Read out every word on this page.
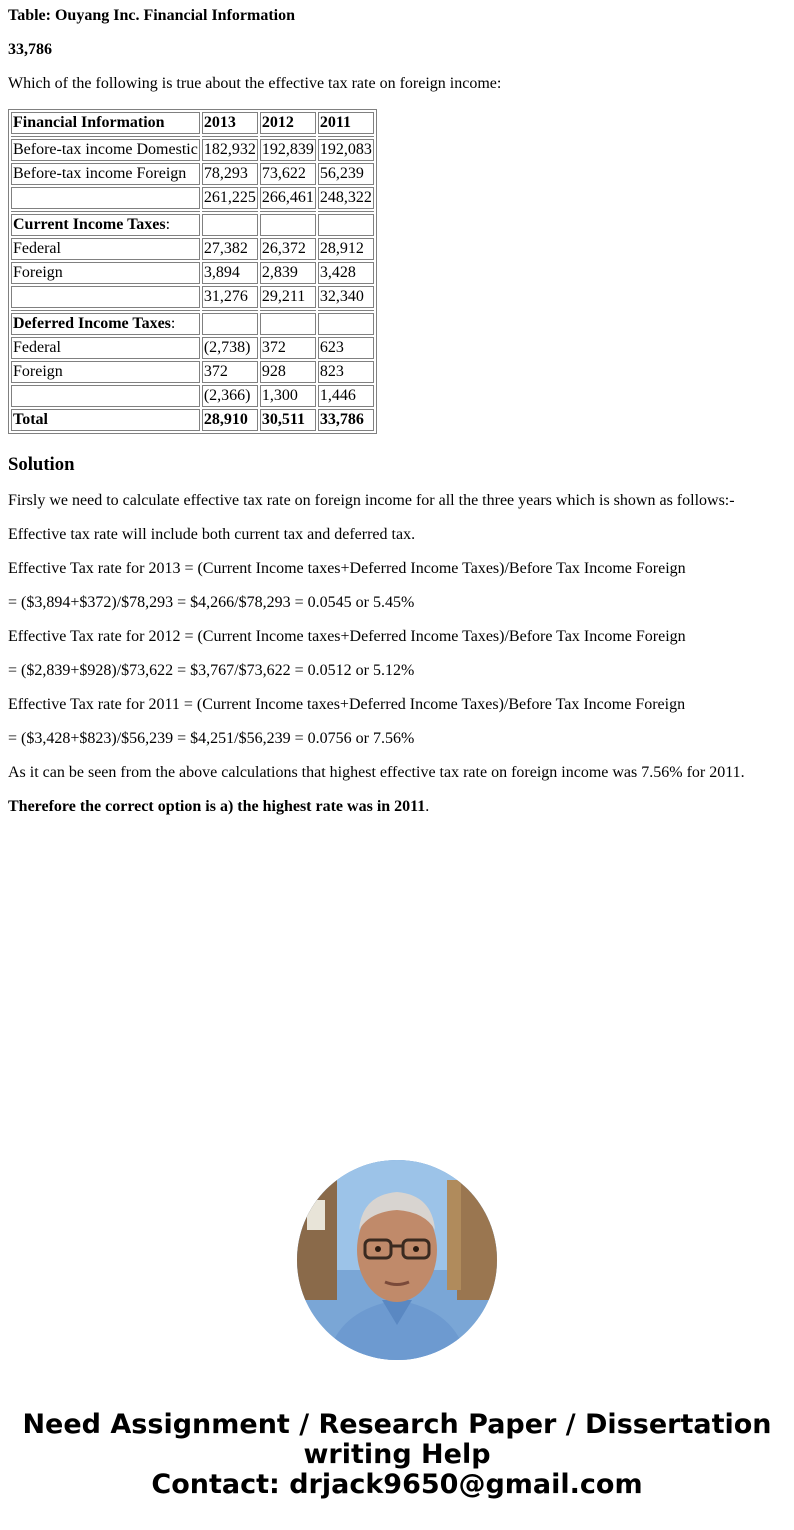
Table: Ouyang Inc. Financial Information

33,786

Which of the following is true about the effective tax rate on foreign income:

Financial Information	2013	2012	2011

Before-tax income Domestic	182,932	192,839	192,083
Before-tax income Foreign	78,293	73,622	56,239
	261,225	266,461	248,322

Current Income Taxes:			
Federal	27,382	26,372	28,912
Foreign	3,894	2,839	3,428
	31,276	29,211	32,340

Deferred Income Taxes:			
Federal	(2,738)	372	623
Foreign	372	928	823
	(2,366)	1,300	1,446
Total	28,910	30,511	33,786
Solution

Firsly we need to calculate effective tax rate on foreign income for all the three years which is shown as follows:-

Effective tax rate will include both current tax and deferred tax.

Effective Tax rate for 2013 = (Current Income taxes+Deferred Income Taxes)/Before Tax Income Foreign

= ($3,894+$372)/$78,293 = $4,266/$78,293 = 0.0545 or 5.45%

Effective Tax rate for 2012 = (Current Income taxes+Deferred Income Taxes)/Before Tax Income Foreign

= ($2,839+$928)/$73,622 = $3,767/$73,622 = 0.0512 or 5.12%

Effective Tax rate for 2011 = (Current Income taxes+Deferred Income Taxes)/Before Tax Income Foreign

= ($3,428+$823)/$56,239 = $4,251/$56,239 = 0.0756 or 7.56%

As it can be seen from the above calculations that highest effective tax rate on foreign income was 7.56% for 2011.

Therefore the correct option is a) the highest rate was in 2011.

Need Assignment / Research Paper / Dissertation
writing Help
Contact: drjack9650@gmail.com
